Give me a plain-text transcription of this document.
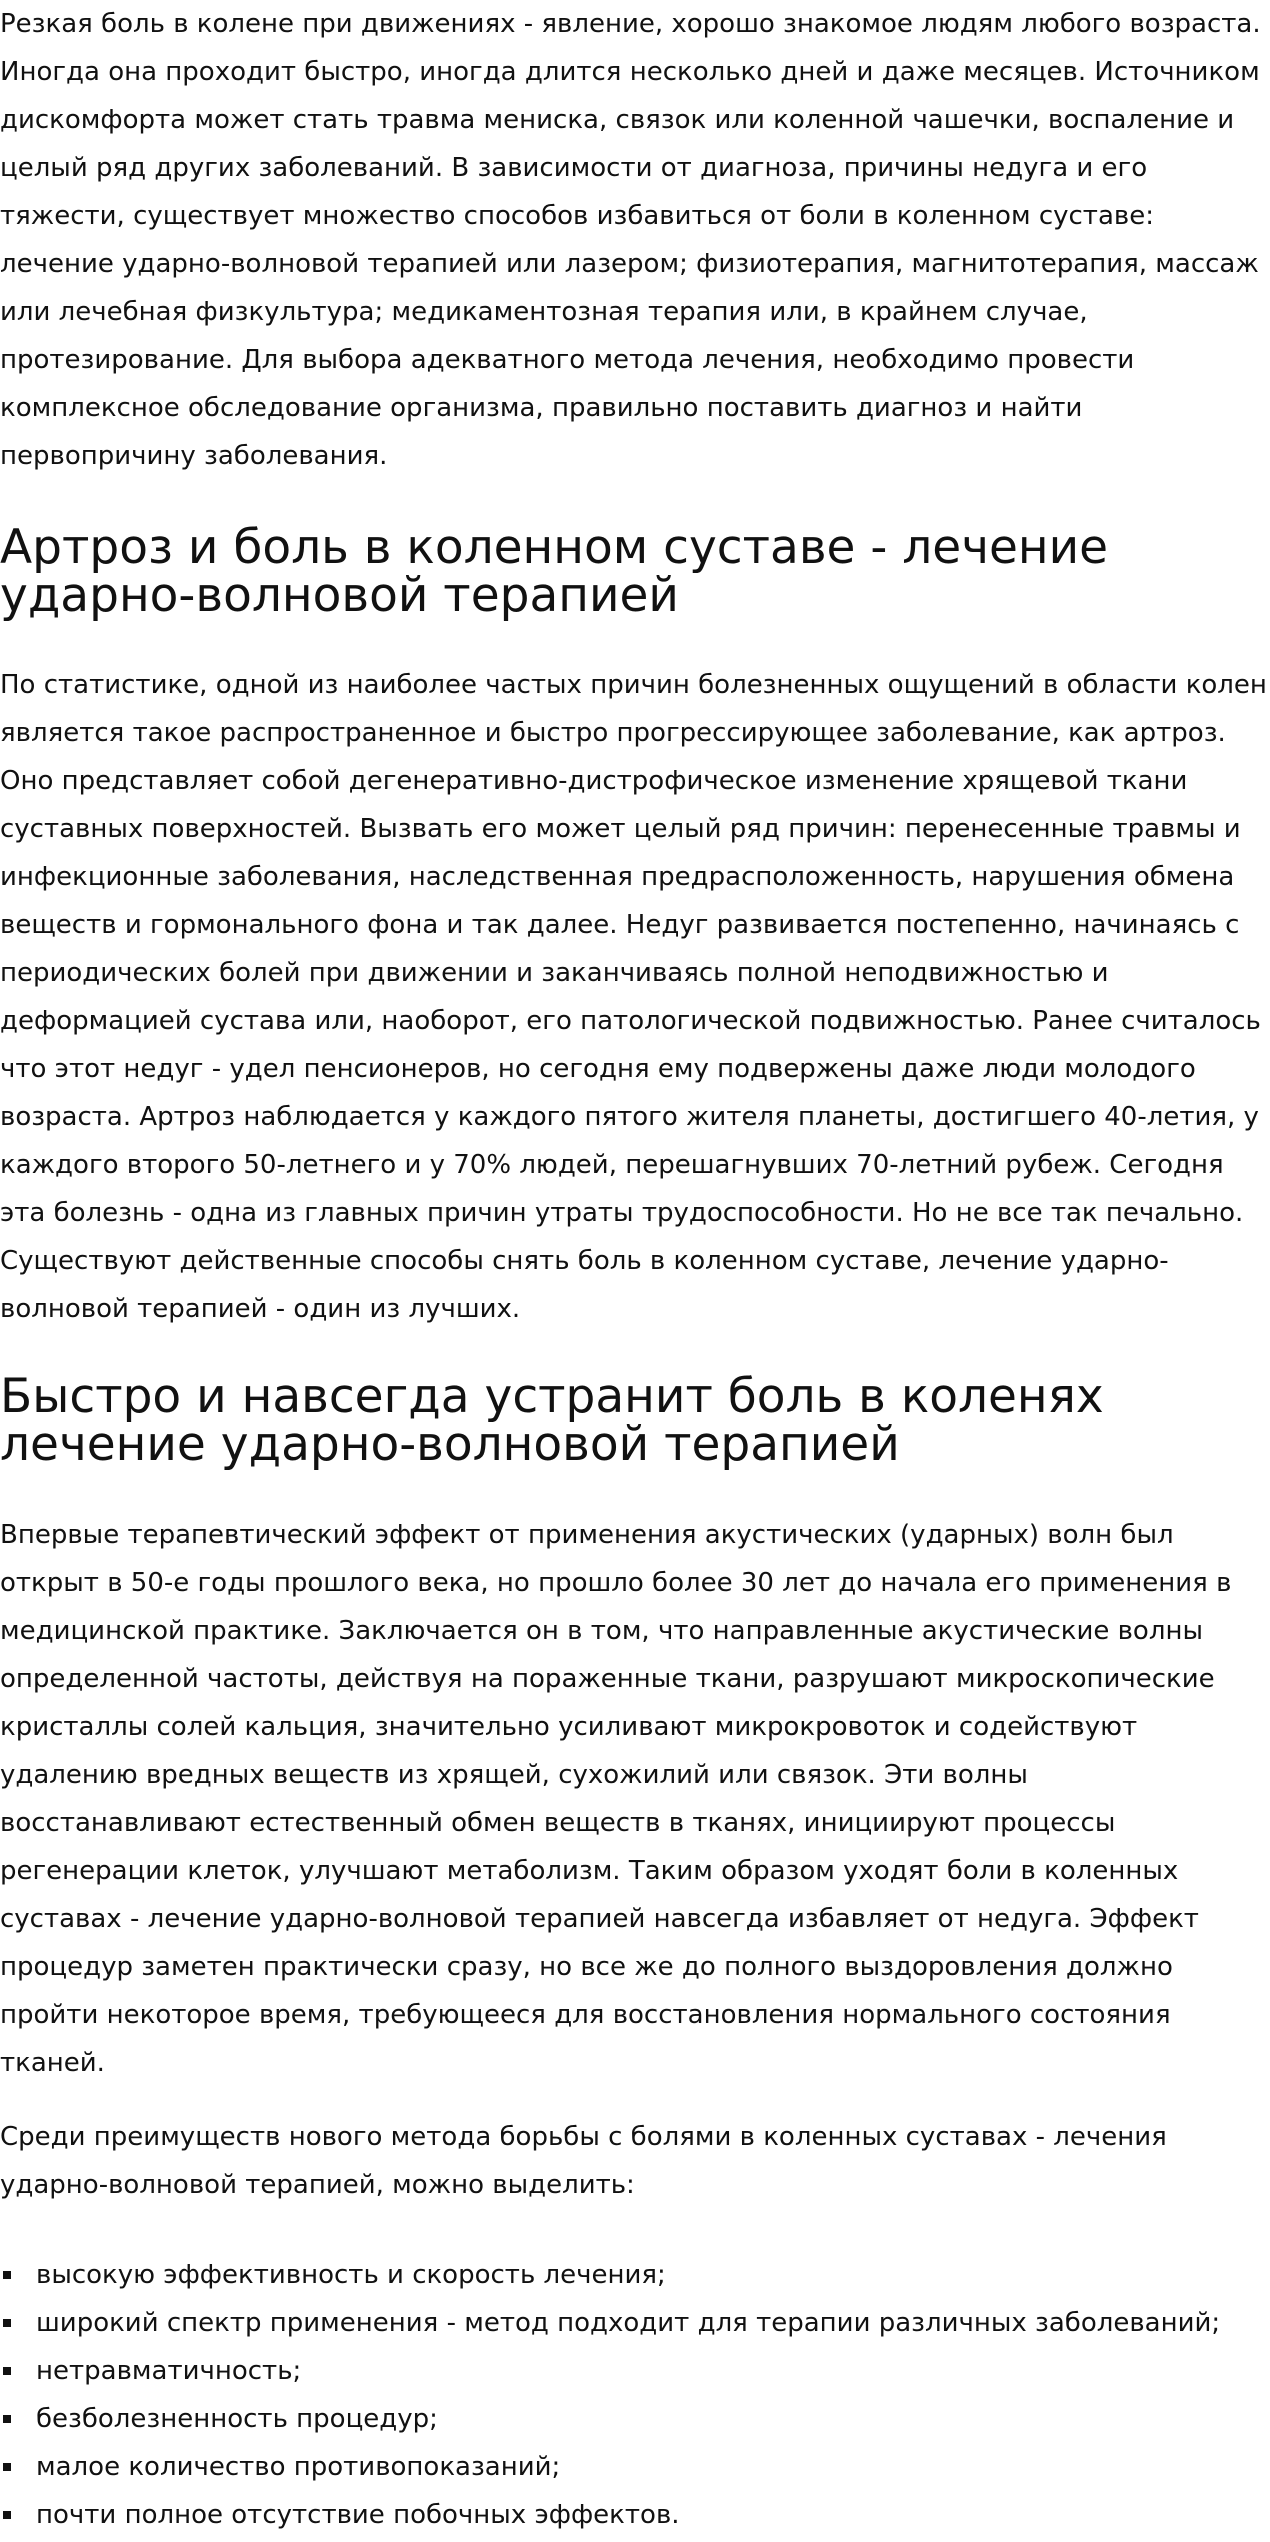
Резкая боль в колене при движениях - явление, хорошо знакомое людям любого возраста.
Иногда она проходит быстро, иногда длится несколько дней и даже месяцев. Источником
дискомфорта может стать травма мениска, связок или коленной чашечки, воспаление и
целый ряд других заболеваний. В зависимости от диагноза, причины недуга и его
тяжести, существует множество способов избавиться от боли в коленном суставе:
лечение ударно-волновой терапией или лазером; физиотерапия, магнитотерапия, массаж
или лечебная физкультура; медикаментозная терапия или, в крайнем случае,
протезирование. Для выбора адекватного метода лечения, необходимо провести
комплексное обследование организма, правильно поставить диагноз и найти
первопричину заболевания.

Артроз и боль в коленном суставе - лечение
ударно-волновой терапией

По статистике, одной из наиболее частых причин болезненных ощущений в области колен
является такое распространенное и быстро прогрессирующее заболевание, как артроз.
Оно представляет собой дегенеративно-дистрофическое изменение хрящевой ткани
суставных поверхностей. Вызвать его может целый ряд причин: перенесенные травмы и
инфекционные заболевания, наследственная предрасположенность, нарушения обмена
веществ и гормонального фона и так далее. Недуг развивается постепенно, начинаясь с
периодических болей при движении и заканчиваясь полной неподвижностью и
деформацией сустава или, наоборот, его патологической подвижностью. Ранее считалось
что этот недуг - удел пенсионеров, но сегодня ему подвержены даже люди молодого
возраста. Артроз наблюдается у каждого пятого жителя планеты, достигшего 40-летия, у
каждого второго 50-летнего и у 70% людей, перешагнувших 70-летний рубеж. Сегодня
эта болезнь - одна из главных причин утраты трудоспособности. Но не все так печально.
Существуют действенные способы снять боль в коленном суставе, лечение ударно-
волновой терапией - один из лучших.

Быстро и навсегда устранит боль в коленях
лечение ударно-волновой терапией

Впервые терапевтический эффект от применения акустических (ударных) волн был
открыт в 50-е годы прошлого века, но прошло более 30 лет до начала его применения в
медицинской практике. Заключается он в том, что направленные акустические волны
определенной частоты, действуя на пораженные ткани, разрушают микроскопические
кристаллы солей кальция, значительно усиливают микрокровоток и содействуют
удалению вредных веществ из хрящей, сухожилий или связок. Эти волны
восстанавливают естественный обмен веществ в тканях, инициируют процессы
регенерации клеток, улучшают метаболизм. Таким образом уходят боли в коленных
суставах - лечение ударно-волновой терапией навсегда избавляет от недуга. Эффект
процедур заметен практически сразу, но все же до полного выздоровления должно
пройти некоторое время, требующееся для восстановления нормального состояния
тканей.

Среди преимуществ нового метода борьбы с болями в коленных суставах - лечения
ударно-волновой терапией, можно выделить:

высокую эффективность и скорость лечения;
широкий спектр применения - метод подходит для терапии различных заболеваний;
нетравматичность;
безболезненность процедур;
малое количество противопоказаний;
почти полное отсутствие побочных эффектов.
